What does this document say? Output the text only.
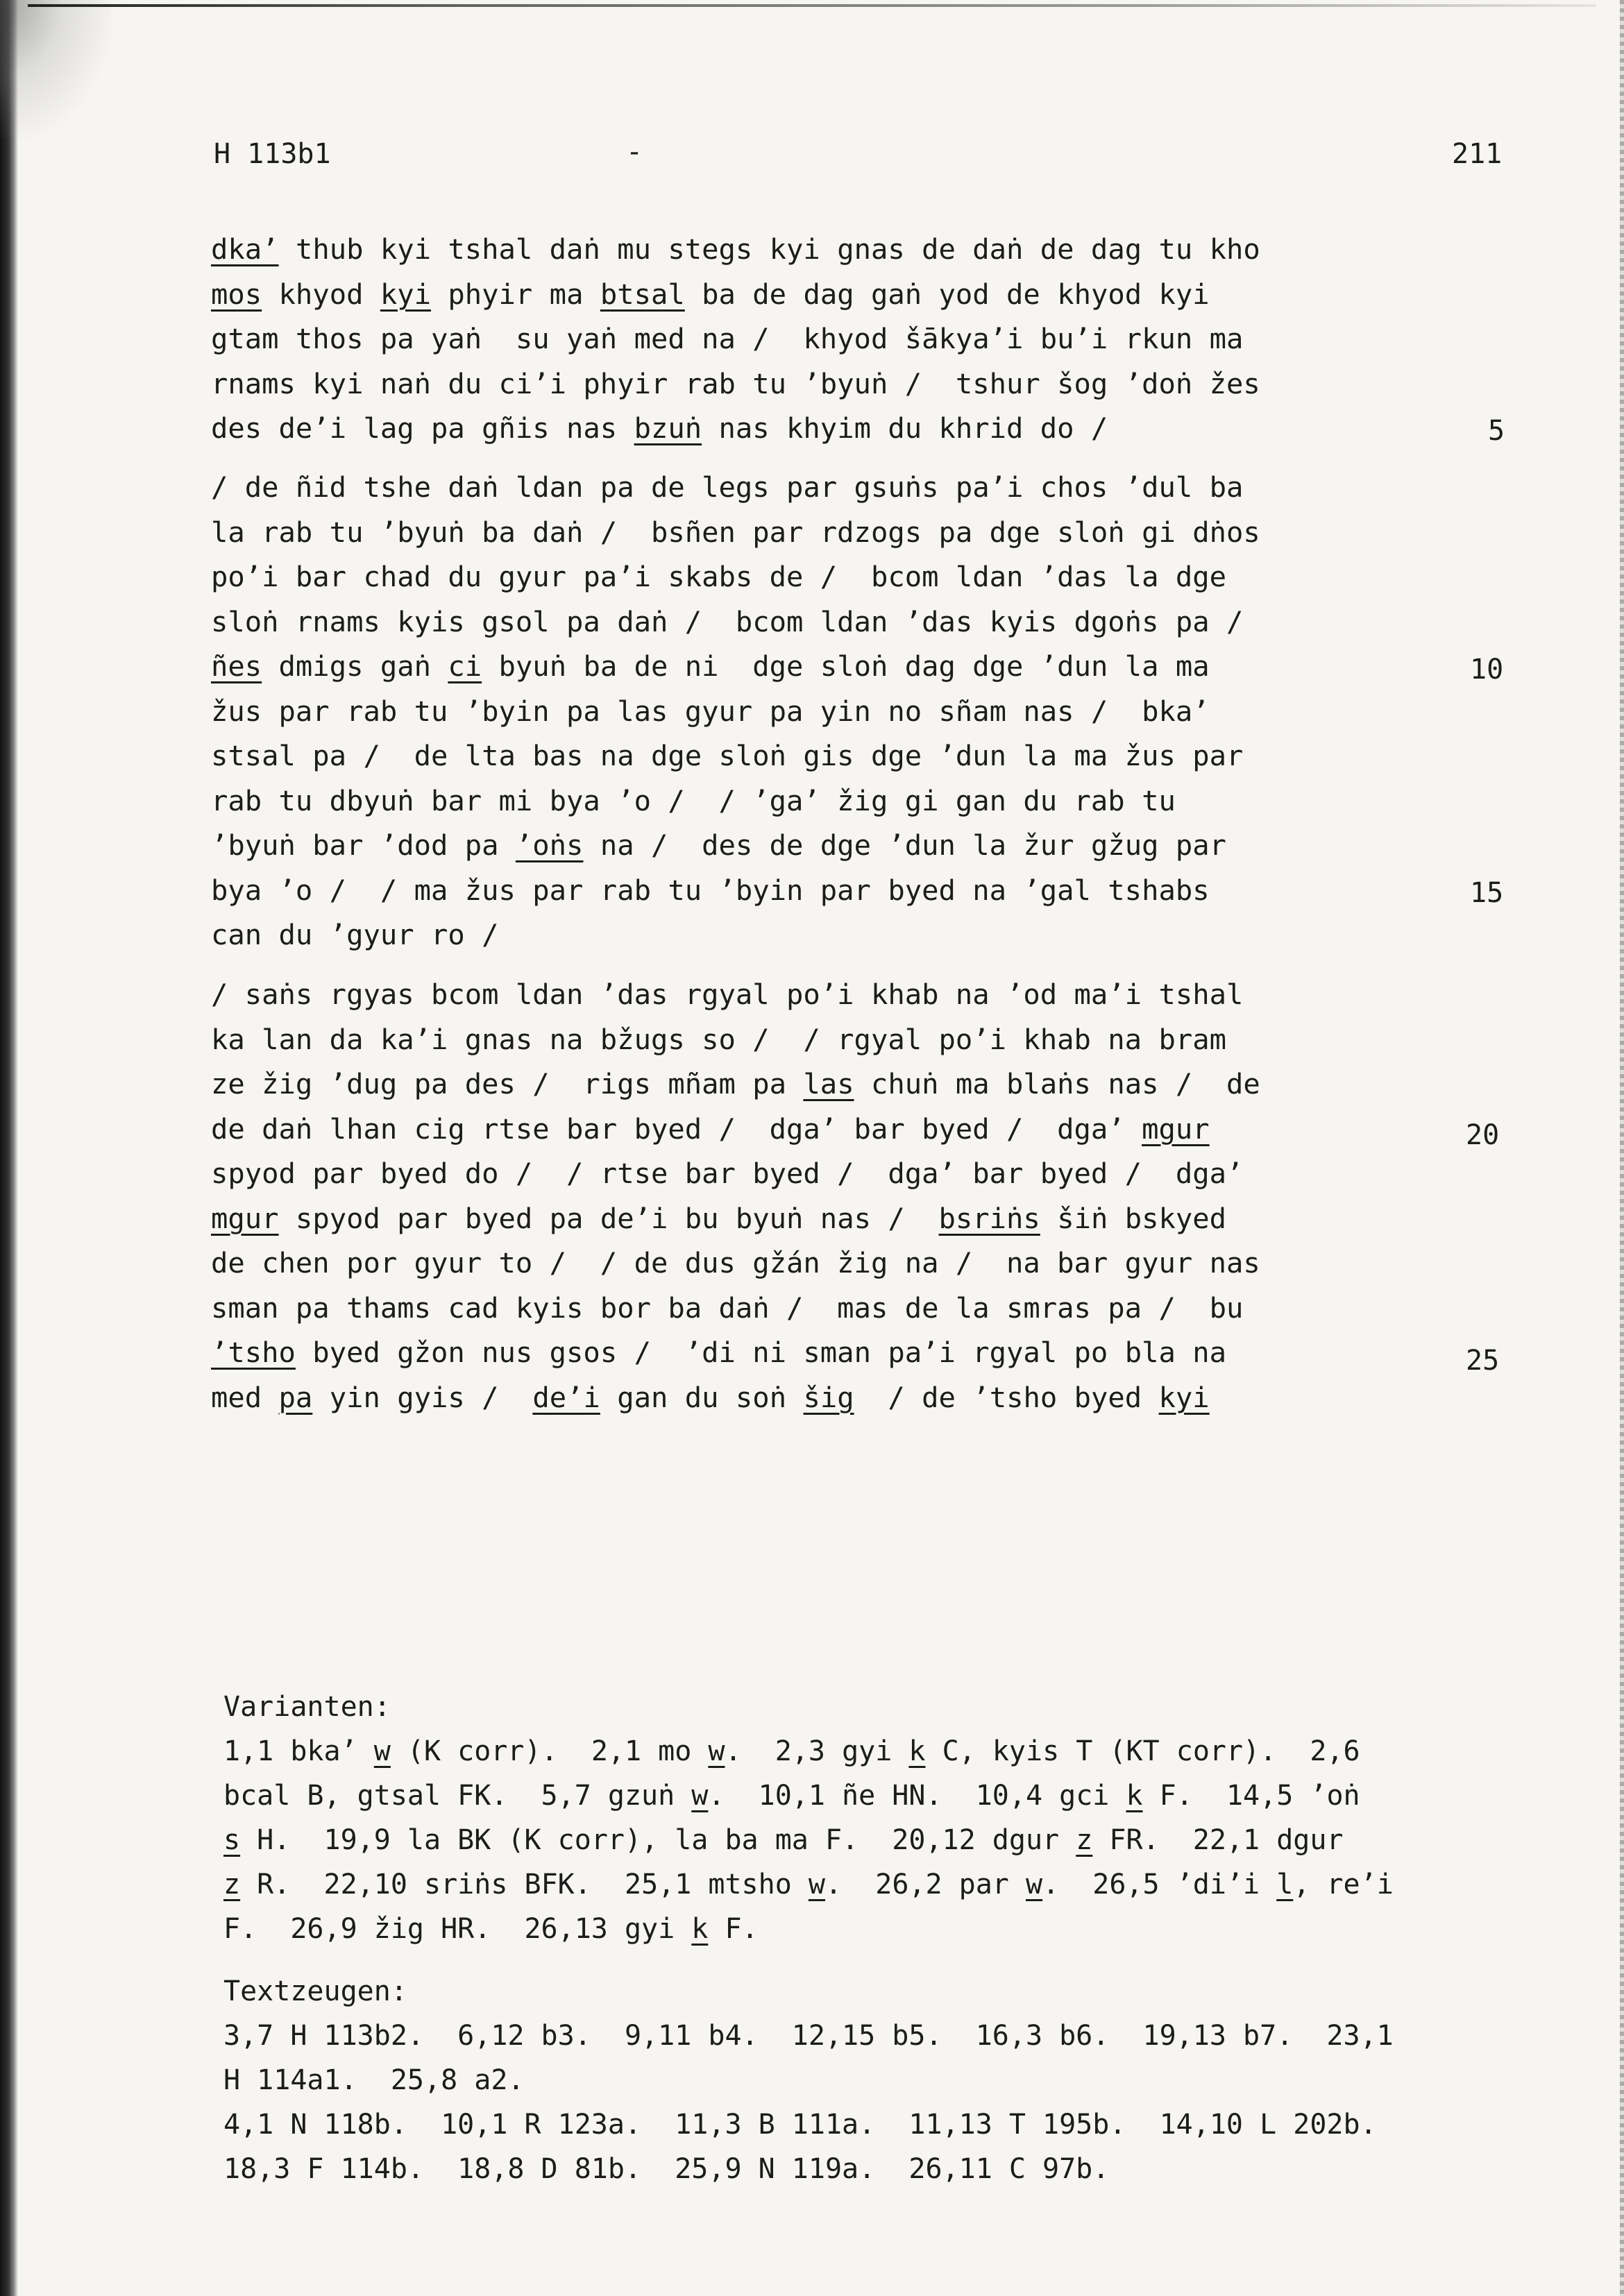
H 113b1	-	211
dka’ thub kyi tshal daṅ mu stegs kyi gnas de daṅ de dag tu kho
mos khyod kyi phyir ma btsal ba de dag gaṅ yod de khyod kyi
gtam thos pa yaṅ  su yaṅ med na /  khyod šākya’i bu’i rkun ma
rnams kyi naṅ du ci’i phyir rab tu ’byuṅ /  tshur šog ’doṅ žes
des de’i lag pa gñis nas bzuṅ nas khyim du khrid do /
/ de ñid tshe daṅ ldan pa de legs par gsuṅs pa’i chos ’dul ba
la rab tu ’byuṅ ba daṅ /  bsñen par rdzogs pa dge sloṅ gi dṅos
po’i bar chad du gyur pa’i skabs de /  bcom ldan ’das la dge
sloṅ rnams kyis gsol pa daṅ /  bcom ldan ’das kyis dgoṅs pa /
ñes dmigs gaṅ ci byuṅ ba de ni  dge sloṅ dag dge ’dun la ma
žus par rab tu ’byin pa las gyur pa yin no sñam nas /  bka’
stsal pa /  de lta bas na dge sloṅ gis dge ’dun la ma žus par
rab tu dbyuṅ bar mi bya ’o /  / ’ga’ žig gi gan du rab tu
’byuṅ bar ’dod pa ’oṅs na /  des de dge ’dun la žur gžug par
bya ’o /  / ma žus par rab tu ’byin par byed na ’gal tshabs
can du ’gyur ro /
/ saṅs rgyas bcom ldan ’das rgyal po’i khab na ’od ma’i tshal
ka lan da ka’i gnas na bžugs so /  / rgyal po’i khab na bram
ze žig ’dug pa des /  rigs mñam pa las chuṅ ma blaṅs nas /  de
de daṅ lhan cig rtse bar byed /  dga’ bar byed /  dga’ mgur
spyod par byed do /  / rtse bar byed /  dga’ bar byed /  dga’
mgur spyod par byed pa de’i bu byuṅ nas /  bsriṅs šiṅ bskyed
de chen por gyur to /  / de dus gžán žig na /  na bar gyur nas
sman pa thams cad kyis bor ba daṅ /  mas de la smras pa /  bu
’tsho byed gžon nus gsos /  ’di ni sman pa’i rgyal po bla na
med pa yin gyis /  de’i gan du soṅ šig  / de ’tsho byed kyi
5
10
15
20
25
Varianten:
1,1 bka’ w (K corr).  2,1 mo w.  2,3 gyi k C, kyis T (KT corr).  2,6
bcal B, gtsal FK.  5,7 gzuṅ w.  10,1 ñe HN.  10,4 gci k F.  14,5 ’oṅ
s H.  19,9 la BK (K corr), la ba ma F.  20,12 dgur z FR.  22,1 dgur
z R.  22,10 sriṅs BFK.  25,1 mtsho w.  26,2 par w.  26,5 ’di’i l, re’i
F.  26,9 žig HR.  26,13 gyi k F.
Textzeugen:
3,7 H 113b2.  6,12 b3.  9,11 b4.  12,15 b5.  16,3 b6.  19,13 b7.  23,1
H 114a1.  25,8 a2.
4,1 N 118b.  10,1 R 123a.  11,3 B 111a.  11,13 T 195b.  14,10 L 202b.
18,3 F 114b.  18,8 D 81b.  25,9 N 119a.  26,11 C 97b.
